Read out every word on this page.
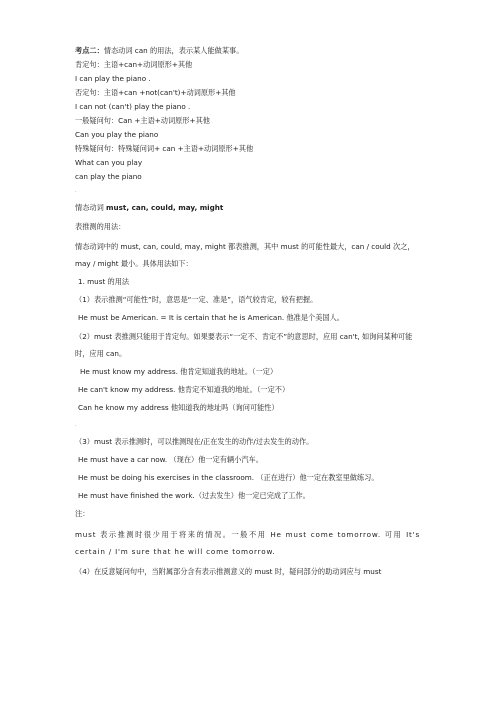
考点二：情态动词 can 的用法，表示某人能做某事。
肯定句：主语+can+动词原形+其他
I can play the piano .
否定句：主语+can +not(can't)+动词原形+其他
I can not (can't) play the piano .
一般疑问句：Can +主语+动词原形+其他
Can you play the piano
特殊疑问句：特殊疑问词+ can +主语+动词原形+其他
What can you play
can play the piano
·
情态动词 must, can, could, may, might
表推测的用法：
情态动词中的 must, can, could, may, might 都表推测，其中 must 的可能性最大，can / could 次之，may / might 最小。具体用法如下：
1. must 的用法
（1）表示推测“可能性”时，意思是“一定、准是”，语气较肯定，较有把握。
He must be American. = It is certain that he is American. 他准是个美国人。
（2）must 表推测只能用于肯定句。如果要表示“一定不、肯定不”的意思时，应用 can't, 如询问某种可能时，应用 can。
He must know my address. 他肯定知道我的地址。（一定）
He can't know my address. 他肯定不知道我的地址。（一定不）
Can he know my address 他知道我的地址吗（询问可能性）
·
（3）must 表示推测时，可以推测现在/正在发生的动作/过去发生的动作。
He must have a car now. （现在）他一定有辆小汽车。
He must be doing his exercises in the classroom. （正在进行）他一定在教室里做练习。
He must have finished the work.（过去发生）他一定已完成了工作。
注：
must 表示推测时很少用于将来的情况。一般不用 He must come tomorrow. 可用 It's certain / I'm sure that he will come tomorrow.
（4）在反意疑问句中，当附属部分含有表示推测意义的 must 时，疑问部分的助动词应与 must
